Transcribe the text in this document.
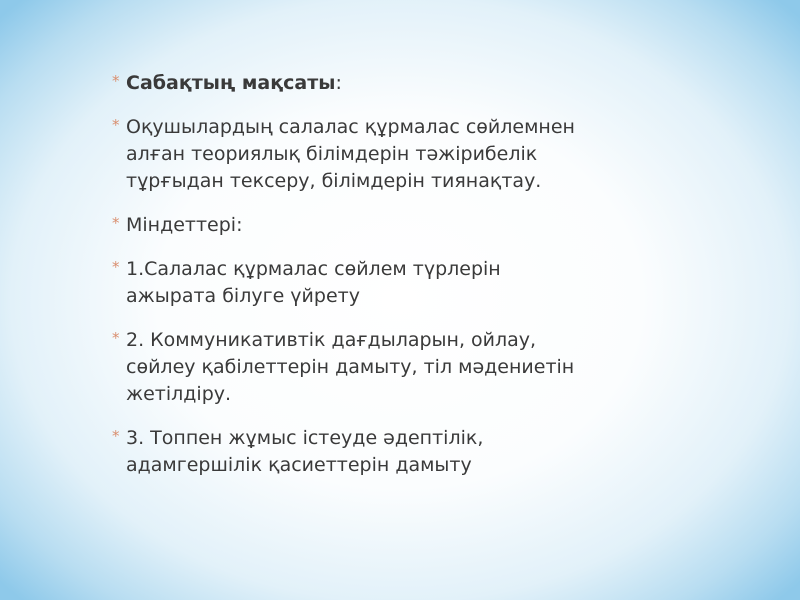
* Сабақтың мақсаты:
* Оқушылардың салалас құрмалас сөйлемнен
алған теориялық білімдерін тәжірибелік
тұрғыдан тексеру, білімдерін тиянақтау.
* Міндеттері:
* 1.Салалас құрмалас сөйлем түрлерін
ажырата білуге үйрету
* 2. Коммуникативтік дағдыларын, ойлау,
сөйлеу қабілеттерін дамыту, тіл мәдениетін
жетілдіру.
* 3. Топпен жұмыс істеуде әдептілік,
адамгершілік қасиеттерін дамыту
